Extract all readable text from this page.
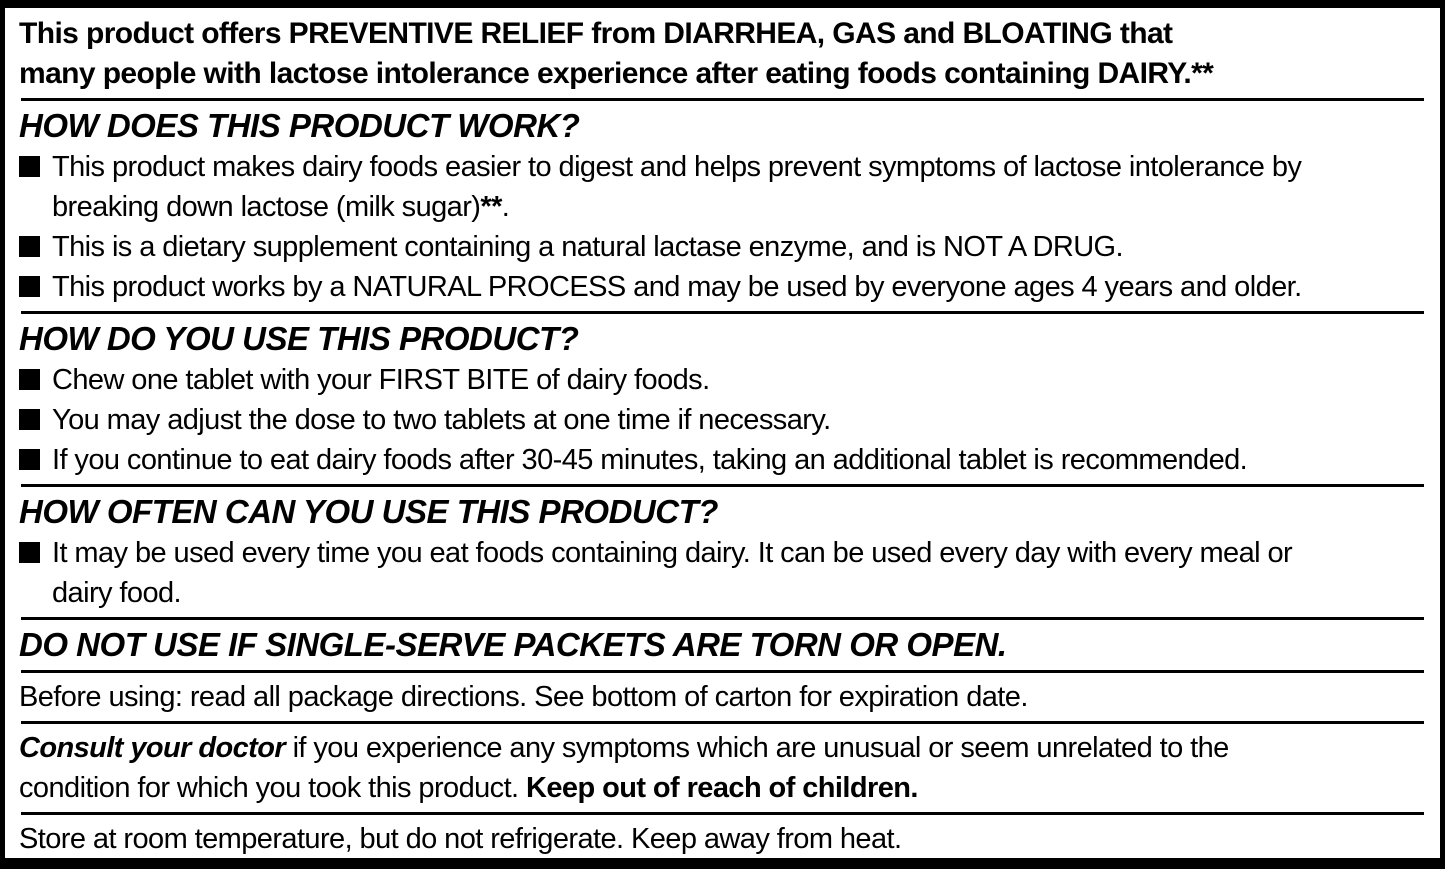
This product offers PREVENTIVE RELIEF from DIARRHEA, GAS and BLOATING that
many people with lactose intolerance experience after eating foods containing DAIRY.**
HOW DOES THIS PRODUCT WORK?
This product makes dairy foods easier to digest and helps prevent symptoms of lactose intolerance by
breaking down lactose (milk sugar)**.
This is a dietary supplement containing a natural lactase enzyme, and is NOT A DRUG.
This product works by a NATURAL PROCESS and may be used by everyone ages 4 years and older.
HOW DO YOU USE THIS PRODUCT?
Chew one tablet with your FIRST BITE of dairy foods.
You may adjust the dose to two tablets at one time if necessary.
If you continue to eat dairy foods after 30-45 minutes, taking an additional tablet is recommended.
HOW OFTEN CAN YOU USE THIS PRODUCT?
It may be used every time you eat foods containing dairy. It can be used every day with every meal or
dairy food.
DO NOT USE IF SINGLE-SERVE PACKETS ARE TORN OR OPEN.
Before using: read all package directions. See bottom of carton for expiration date.
Consult your doctor if you experience any symptoms which are unusual or seem unrelated to the
condition for which you took this product. Keep out of reach of children.
Store at room temperature, but do not refrigerate. Keep away from heat.
